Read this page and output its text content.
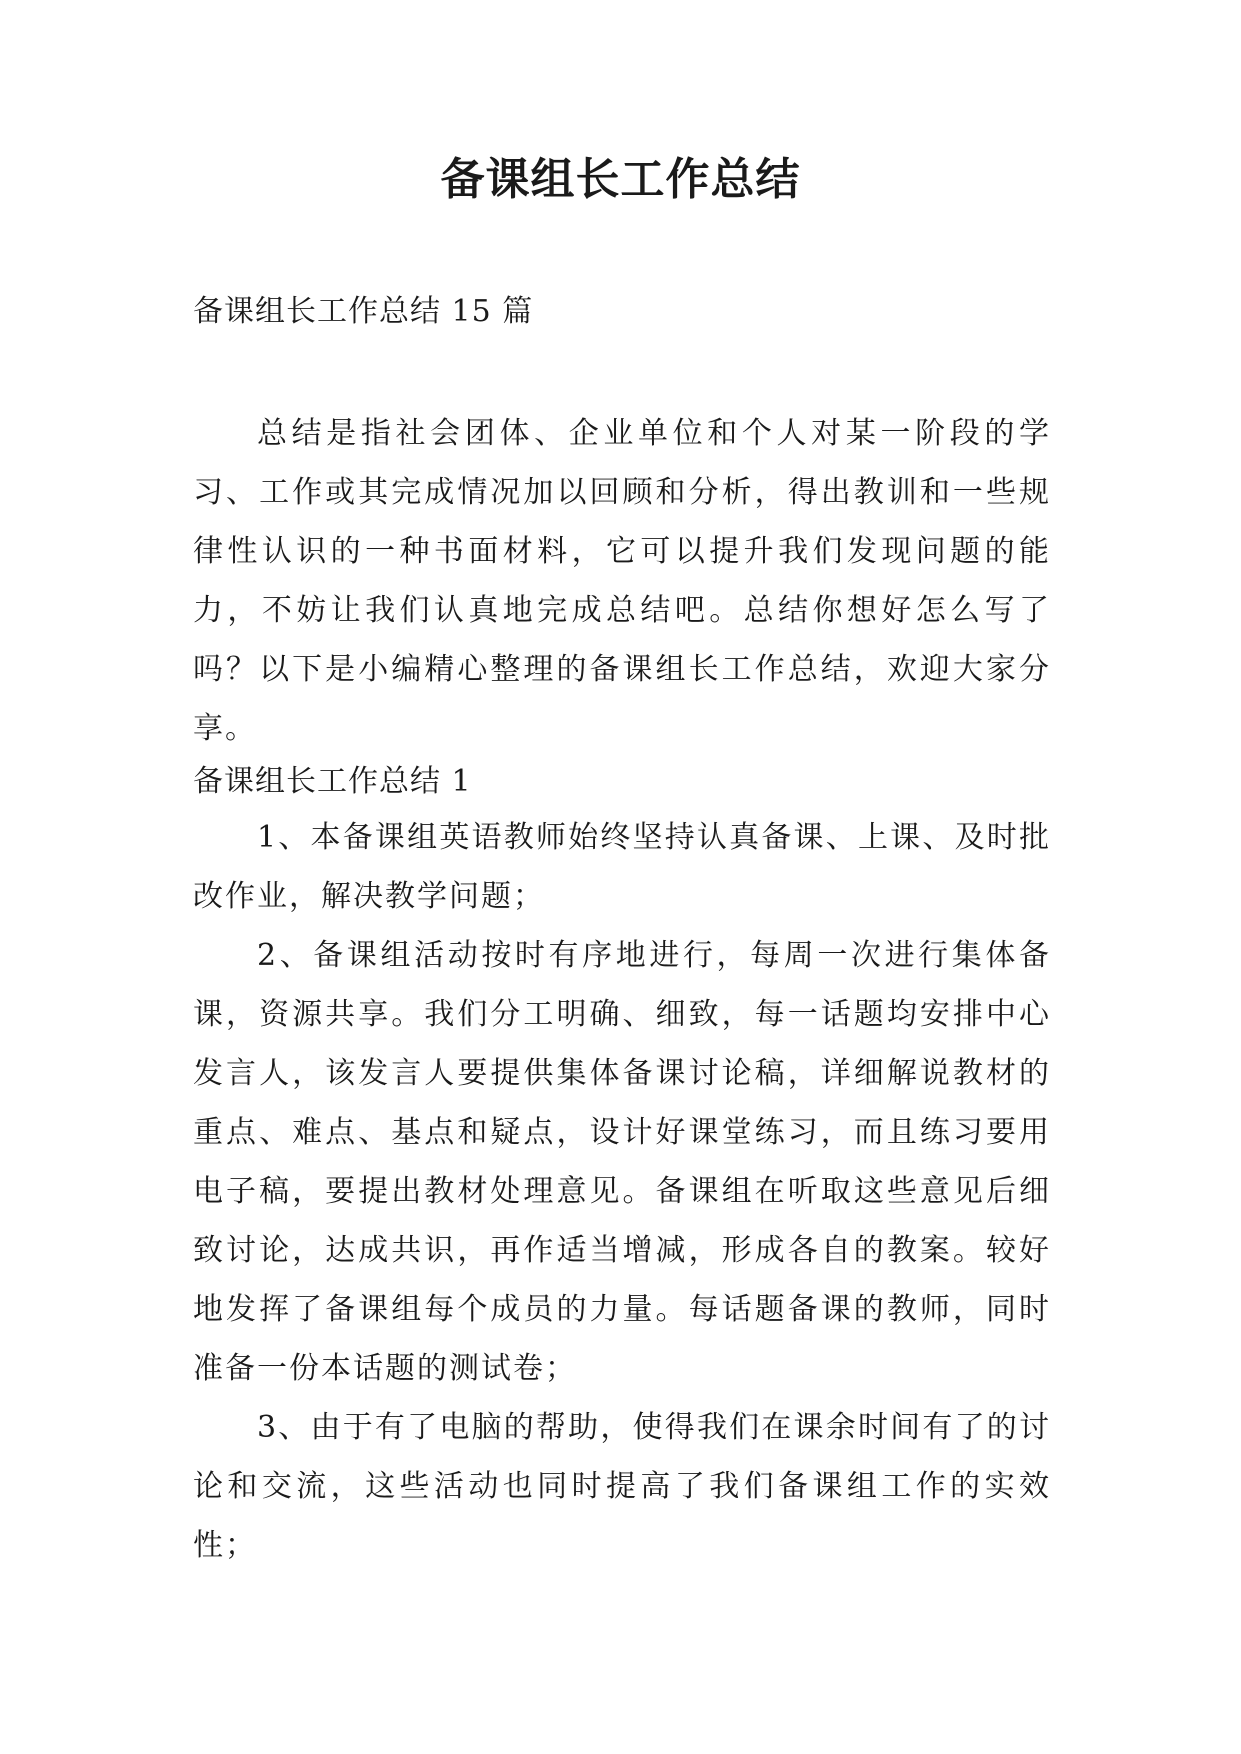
备课组长工作总结
备课组长工作总结 15 篇

总结是指社会团体、企业单位和个人对某一阶段的学习、工作或其完成情况加以回顾和分析，得出教训和一些规律性认识的一种书面材料，它可以提升我们发现问题的能力，不妨让我们认真地完成总结吧。总结你想好怎么写了吗？以下是小编精心整理的备课组长工作总结，欢迎大家分享。

备课组长工作总结 1

1、本备课组英语教师始终坚持认真备课、上课、及时批改作业，解决教学问题；

2、备课组活动按时有序地进行，每周一次进行集体备课，资源共享。我们分工明确、细致，每一话题均安排中心发言人，该发言人要提供集体备课讨论稿，详细解说教材的重点、难点、基点和疑点，设计好课堂练习，而且练习要用电子稿，要提出教材处理意见。备课组在听取这些意见后细致讨论，达成共识，再作适当增减，形成各自的教案。较好地发挥了备课组每个成员的力量。每话题备课的教师，同时准备一份本话题的测试卷；

3、由于有了电脑的帮助，使得我们在课余时间有了的讨论和交流，这些活动也同时提高了我们备课组工作的实效性；
